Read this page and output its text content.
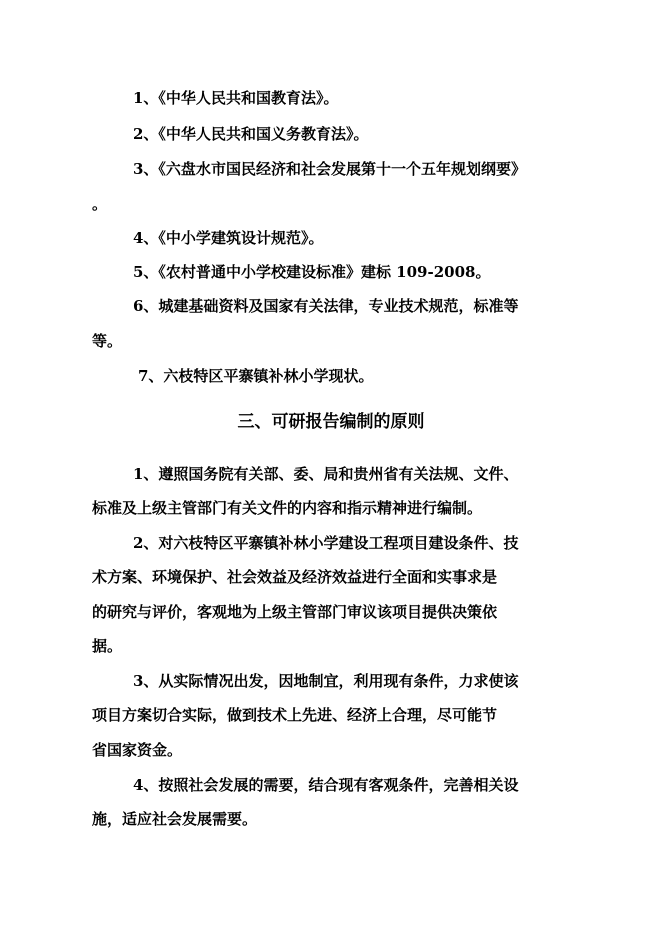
1、《中华人民共和国教育法》。
2、《中华人民共和国义务教育法》。
3、《六盘水市国民经济和社会发展第十一个五年规划纲要》
。
4、《中小学建筑设计规范》。
5、《农村普通中小学校建设标准》建标 109-2008。
6、城建基础资料及国家有关法律，专业技术规范，标准等
等。
7、六枝特区平寨镇补林小学现状。
三、可研报告编制的原则
1、遵照国务院有关部、委、局和贵州省有关法规、文件、
标准及上级主管部门有关文件的内容和指示精神进行编制。
2、对六枝特区平寨镇补林小学建设工程项目建设条件、技
术方案、环境保护、社会效益及经济效益进行全面和实事求是
的研究与评价，客观地为上级主管部门审议该项目提供决策依
据。
3、从实际情况出发，因地制宜，利用现有条件，力求使该
项目方案切合实际，做到技术上先进、经济上合理，尽可能节
省国家资金。
4、按照社会发展的需要，结合现有客观条件，完善相关设
施，适应社会发展需要。
